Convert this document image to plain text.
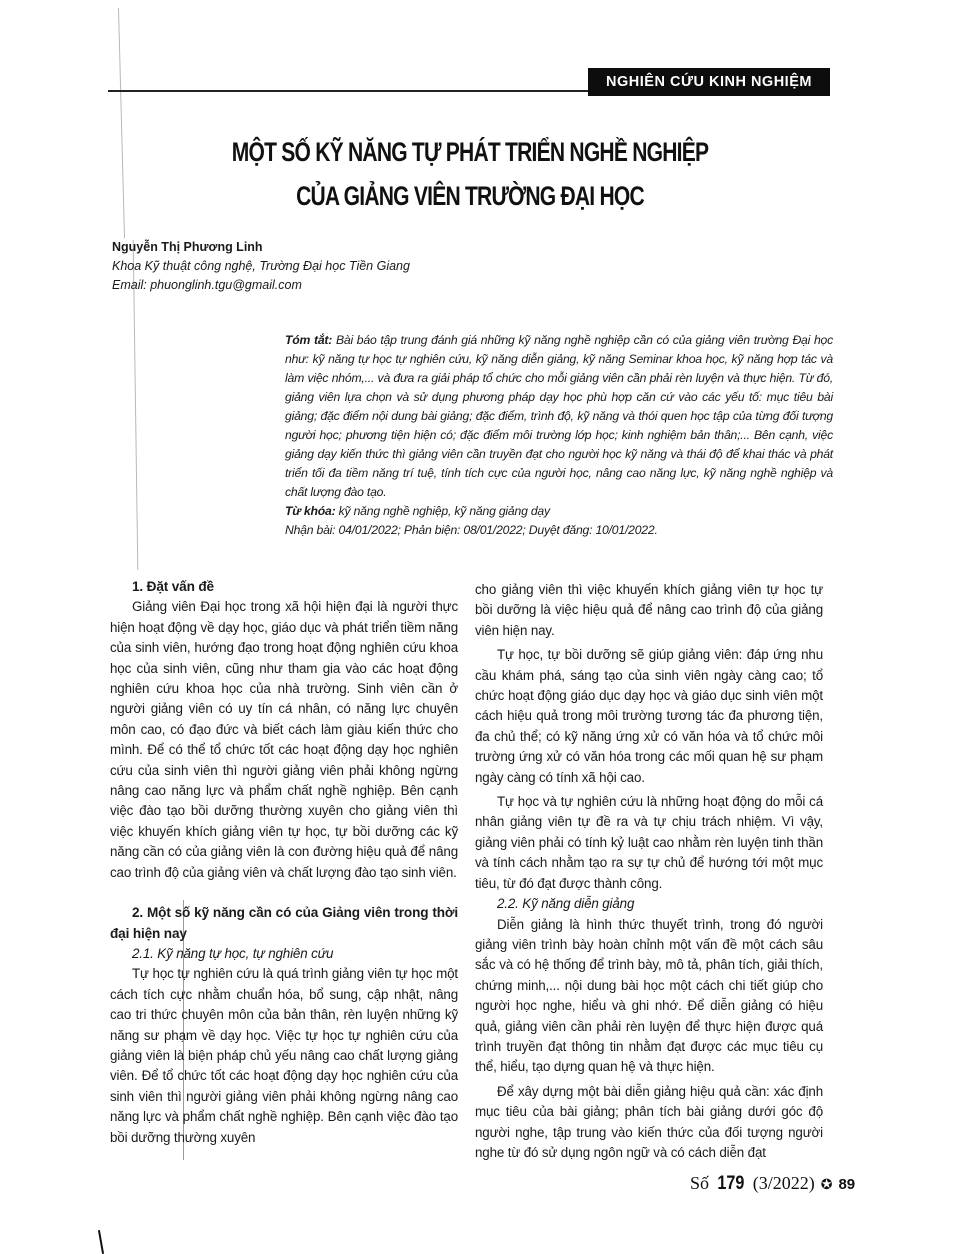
NGHIÊN CỨU KINH NGHIỆM
MỘT SỐ KỸ NĂNG TỰ PHÁT TRIỂN NGHỀ NGHIỆP
CỦA GIẢNG VIÊN TRƯỜNG ĐẠI HỌC
Nguyễn Thị Phương Linh
Khoa Kỹ thuật công nghệ, Trường Đại học Tiền Giang
Email: phuonglinh.tgu@gmail.com
Tóm tắt: Bài báo tập trung đánh giá những kỹ năng nghề nghiệp cần có của giảng viên trường Đại học như: kỹ năng tự học tự nghiên cứu, kỹ năng diễn giảng, kỹ năng Seminar khoa học, kỹ năng hợp tác và làm việc nhóm,... và đưa ra giải pháp tổ chức cho mỗi giảng viên cần phải rèn luyện và thực hiện. Từ đó, giảng viên lựa chọn và sử dụng phương pháp dạy học phù hợp căn cứ vào các yếu tố: mục tiêu bài giảng; đặc điểm nội dung bài giảng; đặc điểm, trình độ, kỹ năng và thói quen học tập của từng đối tượng người học; phương tiện hiện có; đặc điểm môi trường lớp học; kinh nghiệm bản thân;... Bên cạnh, việc giảng dạy kiến thức thì giảng viên cần truyền đạt cho người học kỹ năng và thái độ để khai thác và phát triển tối đa tiềm năng trí tuệ, tính tích cực của người học, nâng cao năng lực, kỹ năng nghề nghiệp và chất lượng đào tạo.
Từ khóa: kỹ năng nghề nghiệp, kỹ năng giảng dạy
Nhận bài: 04/01/2022; Phản biện: 08/01/2022; Duyệt đăng: 10/01/2022.
1. Đặt vấn đề

Giảng viên Đại học trong xã hội hiện đại là người thực hiện hoạt động về dạy học, giáo dục và phát triển tiềm năng của sinh viên, hướng đạo trong hoạt động nghiên cứu khoa học của sinh viên, cũng như tham gia vào các hoạt động nghiên cứu khoa học của nhà trường. Sinh viên cần ở người giảng viên có uy tín cá nhân, có năng lực chuyên môn cao, có đạo đức và biết cách làm giàu kiến thức cho mình. Để có thể tổ chức tốt các hoạt động dạy học nghiên cứu của sinh viên thì người giảng viên phải không ngừng nâng cao năng lực và phẩm chất nghề nghiệp. Bên cạnh việc đào tạo bồi dưỡng thường xuyên cho giảng viên thì việc khuyến khích giảng viên tự học, tự bồi dưỡng các kỹ năng cần có của giảng viên là con đường hiệu quả để nâng cao trình độ của giảng viên và chất lượng đào tạo sinh viên.

2. Một số kỹ năng cần có của Giảng viên trong thời đại hiện nay
2.1. Kỹ năng tự học, tự nghiên cứu

Tự học tự nghiên cứu là quá trình giảng viên tự học một cách tích cực nhằm chuẩn hóa, bổ sung, cập nhật, nâng cao tri thức chuyên môn của bản thân, rèn luyện những kỹ năng sư phạm về dạy học. Việc tự học tự nghiên cứu của giảng viên là biện pháp chủ yếu nâng cao chất lượng giảng viên. Để tổ chức tốt các hoạt động dạy học nghiên cứu của sinh viên thì người giảng viên phải không ngừng nâng cao năng lực và phẩm chất nghề nghiệp. Bên cạnh việc đào tạo bồi dưỡng thường xuyên

cho giảng viên thì việc khuyến khích giảng viên tự học tự bồi dưỡng là việc hiệu quả để nâng cao trình độ của giảng viên hiện nay.

Tự học, tự bồi dưỡng sẽ giúp giảng viên: đáp ứng nhu cầu khám phá, sáng tạo của sinh viên ngày càng cao; tổ chức hoạt động giáo dục dạy học và giáo dục sinh viên một cách hiệu quả trong môi trường tương tác đa phương tiện, đa chủ thể; có kỹ năng ứng xử có văn hóa và tổ chức môi trường ứng xử có văn hóa trong các mối quan hệ sư phạm ngày càng có tính xã hội cao.

Tự học và tự nghiên cứu là những hoạt động do mỗi cá nhân giảng viên tự đề ra và tự chịu trách nhiệm. Vì vậy, giảng viên phải có tính kỷ luật cao nhằm rèn luyện tinh thần và tính cách nhằm tạo ra sự tự chủ để hướng tới một mục tiêu, từ đó đạt được thành công.

2.2. Kỹ năng diễn giảng

Diễn giảng là hình thức thuyết trình, trong đó người giảng viên trình bày hoàn chỉnh một vấn đề một cách sâu sắc và có hệ thống để trình bày, mô tả, phân tích, giải thích, chứng minh,... nội dung bài học một cách chi tiết giúp cho người học nghe, hiểu và ghi nhớ. Để diễn giảng có hiệu quả, giảng viên cần phải rèn luyện để thực hiện được quá trình truyền đạt thông tin nhằm đạt được các mục tiêu cụ thể, hiểu, tạo dựng quan hệ và thực hiện.

Để xây dựng một bài diễn giảng hiệu quả cần: xác định mục tiêu của bài giảng; phân tích bài giảng dưới góc độ người nghe, tập trung vào kiến thức của đối tượng người nghe từ đó sử dụng ngôn ngữ và có cách diễn đạt

Số 179 (3/2022) ✪ 89
